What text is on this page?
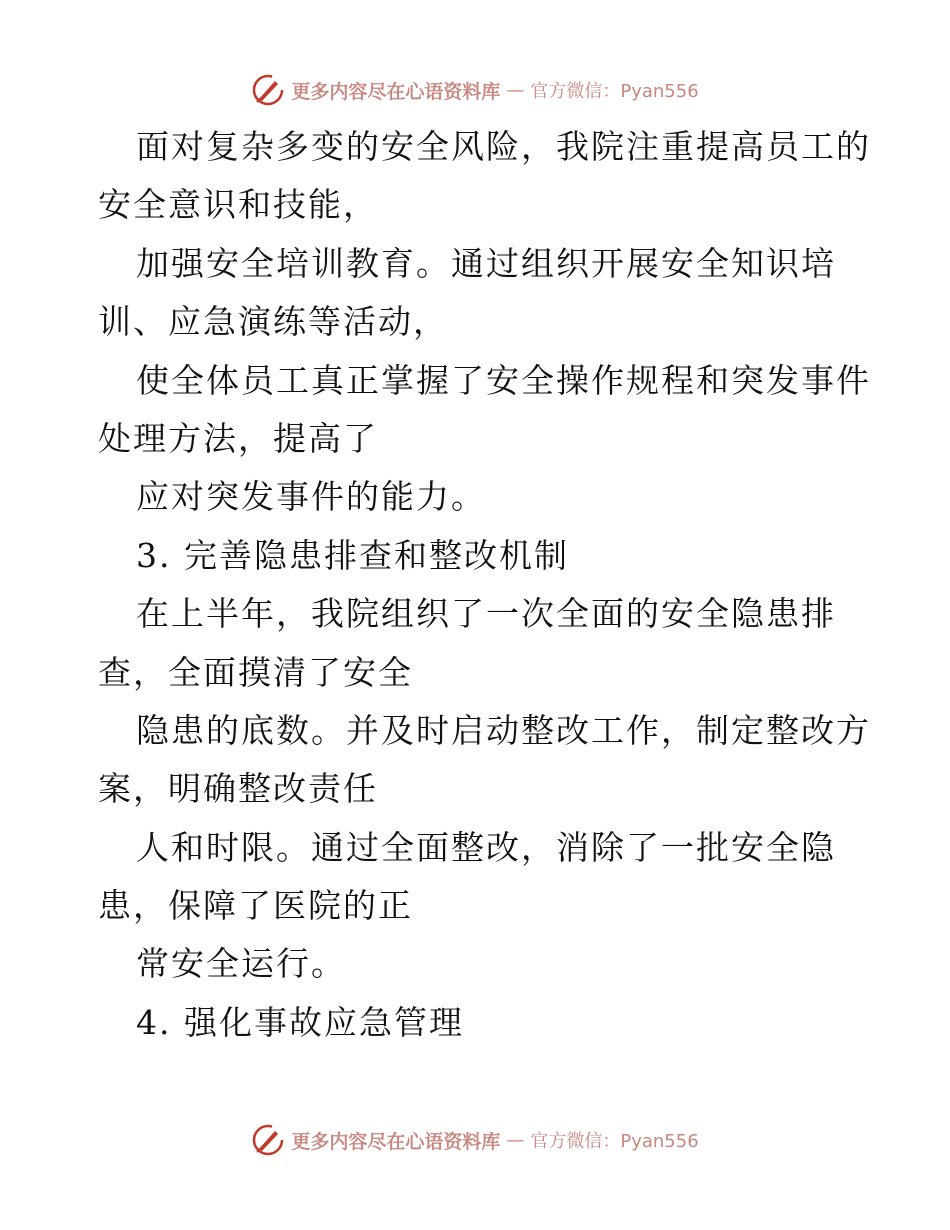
更多内容尽在心语资料库 — 官方微信：Pyan556
面对复杂多变的安全风险，我院注重提高员工的
安全意识和技能，
加强安全培训教育。通过组织开展安全知识培
训、应急演练等活动，
使全体员工真正掌握了安全操作规程和突发事件
处理方法，提高了
应对突发事件的能力。
3. 完善隐患排查和整改机制
在上半年，我院组织了一次全面的安全隐患排
查，全面摸清了安全
隐患的底数。并及时启动整改工作，制定整改方
案，明确整改责任
人和时限。通过全面整改，消除了一批安全隐
患，保障了医院的正
常安全运行。
4. 强化事故应急管理
更多内容尽在心语资料库 — 官方微信：Pyan556
